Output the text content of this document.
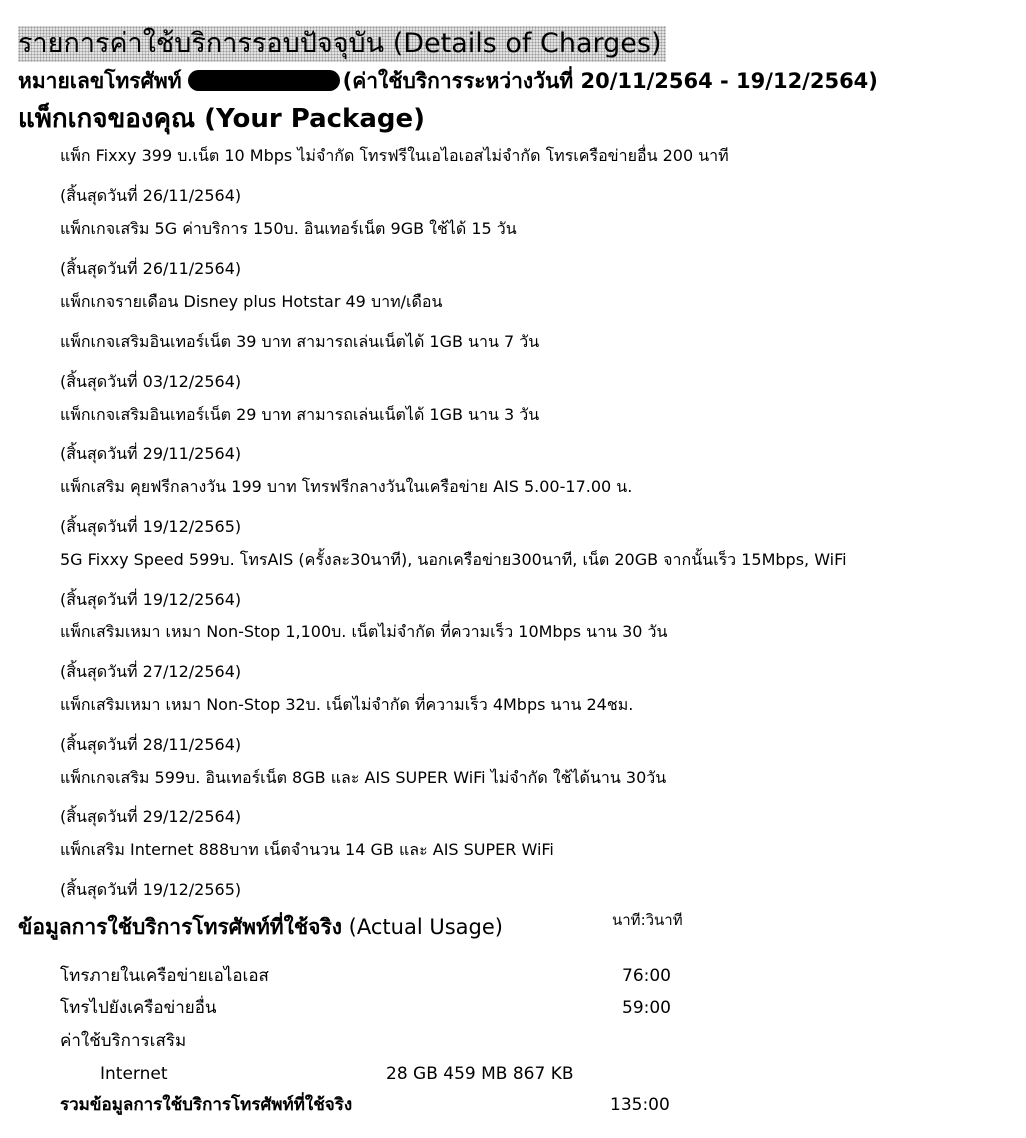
รายการค่าใช้บริการรอบปัจจุบัน (Details of Charges)
หมายเลขโทรศัพท์	(ค่าใช้บริการระหว่างวันที่ 20/11/2564 - 19/12/2564)
แพ็กเกจของคุณ (Your Package)
แพ็ก Fixxy 399 บ.เน็ต 10 Mbps ไม่จำกัด โทรฟรีในเอไอเอสไม่จำกัด โทรเครือข่ายอื่น 200 นาที
(สิ้นสุดวันที่ 26/11/2564)
แพ็กเกจเสริม 5G ค่าบริการ 150บ. อินเทอร์เน็ต 9GB ใช้ได้ 15 วัน
(สิ้นสุดวันที่ 26/11/2564)
แพ็กเกจรายเดือน Disney plus Hotstar 49 บาท/เดือน
แพ็กเกจเสริมอินเทอร์เน็ต 39 บาท สามารถเล่นเน็ตได้ 1GB นาน 7 วัน
(สิ้นสุดวันที่ 03/12/2564)
แพ็กเกจเสริมอินเทอร์เน็ต 29 บาท สามารถเล่นเน็ตได้ 1GB นาน 3 วัน
(สิ้นสุดวันที่ 29/11/2564)
แพ็กเสริม คุยฟรีกลางวัน 199 บาท โทรฟรีกลางวันในเครือข่าย AIS 5.00-17.00 น.
(สิ้นสุดวันที่ 19/12/2565)
5G Fixxy Speed 599บ. โทรAIS (ครั้งละ30นาที), นอกเครือข่าย300นาที, เน็ต 20GB จากนั้นเร็ว 15Mbps, WiFi
(สิ้นสุดวันที่ 19/12/2564)
แพ็กเสริมเหมา เหมา Non-Stop 1,100บ. เน็ตไม่จำกัด ที่ความเร็ว 10Mbps นาน 30 วัน
(สิ้นสุดวันที่ 27/12/2564)
แพ็กเสริมเหมา เหมา Non-Stop 32บ. เน็ตไม่จำกัด ที่ความเร็ว 4Mbps นาน 24ชม.
(สิ้นสุดวันที่ 28/11/2564)
แพ็กเกจเสริม 599บ. อินเทอร์เน็ต 8GB และ AIS SUPER WiFi ไม่จำกัด ใช้ได้นาน 30วัน
(สิ้นสุดวันที่ 29/12/2564)
แพ็กเสริม Internet 888บาท เน็ตจำนวน 14 GB และ AIS SUPER WiFi
(สิ้นสุดวันที่ 19/12/2565)
ข้อมูลการใช้บริการโทรศัพท์ที่ใช้จริง (Actual Usage)	นาที:วินาที
โทรภายในเครือข่ายเอไอเอส	76:00
โทรไปยังเครือข่ายอื่น	59:00
ค่าใช้บริการเสริม
Internet	28 GB 459 MB 867 KB
รวมข้อมูลการใช้บริการโทรศัพท์ที่ใช้จริง	135:00
